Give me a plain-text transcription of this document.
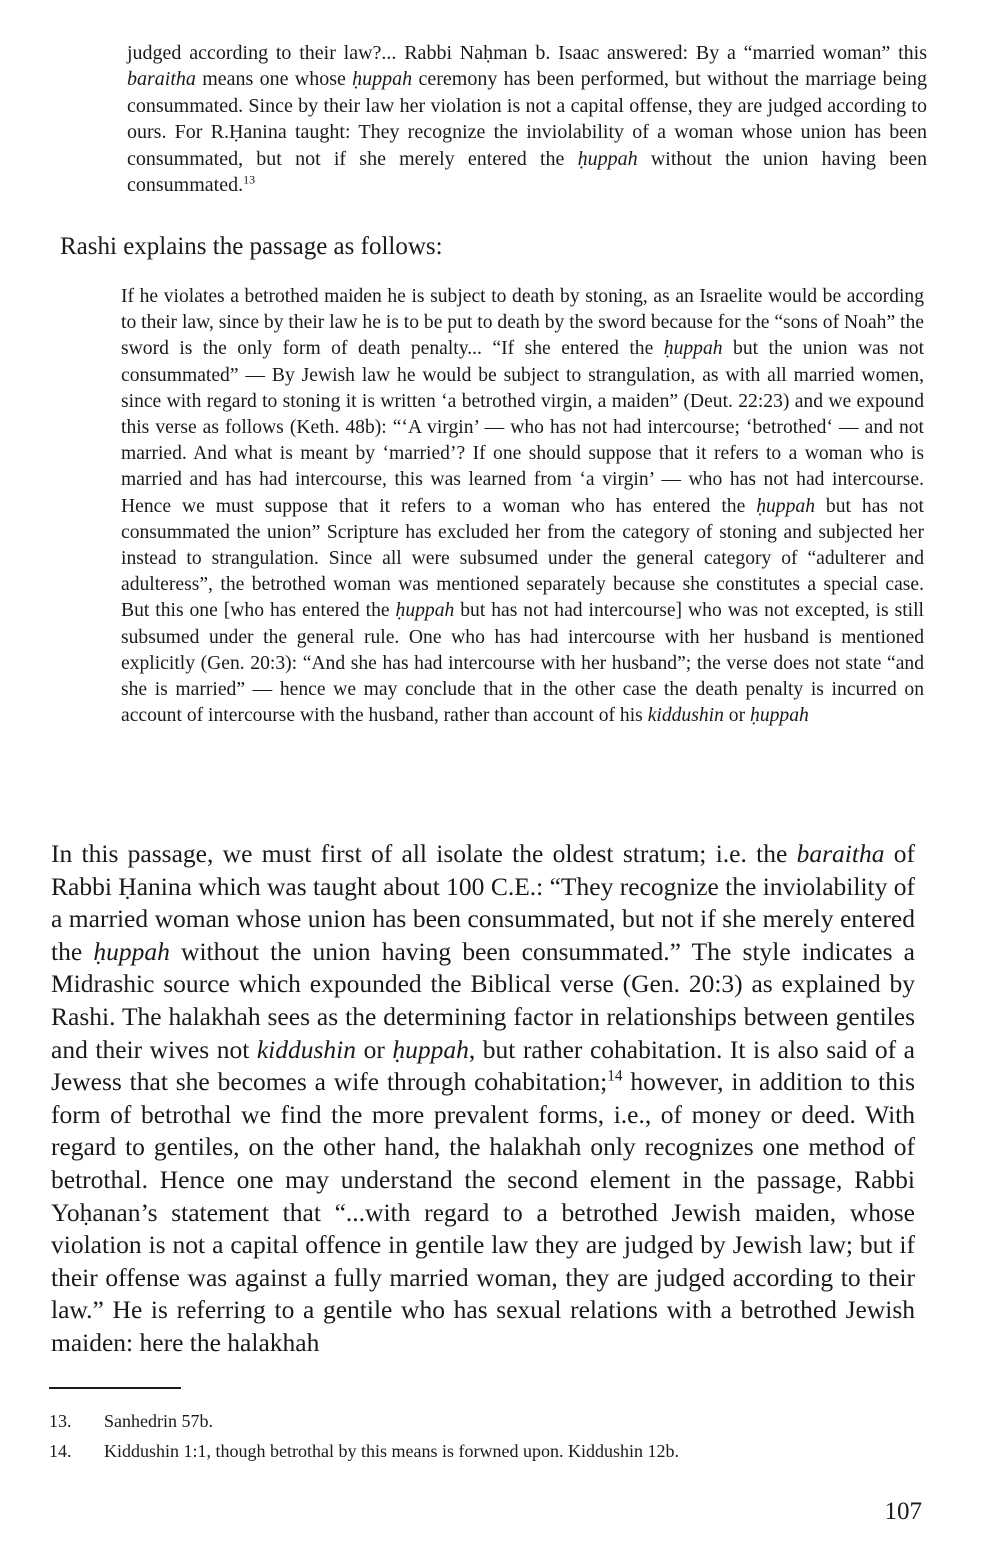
judged according to their law?... Rabbi Naḥman b. Isaac answered: By a “married woman” this baraitha means one whose ḥuppah ceremony has been performed, but without the marriage being consummated. Since by their law her violation is not a capital offense, they are judged according to ours. For R.Ḥanina taught: They recognize the inviolability of a woman whose union has been consummated, but not if she merely entered the ḥuppah without the union having been consummated.$^{13}$
Rashi explains the passage as follows:
If he violates a betrothed maiden he is subject to death by stoning, as an Israelite would be according to their law, since by their law he is to be put to death by the sword because for the “sons of Noah” the sword is the only form of death penalty... “If she entered the ḥuppah but the union was not consummated” — By Jewish law he would be subject to strangulation, as with all married women, since with regard to stoning it is written ‘a betrothed virgin, a maiden” (Deut. 22:23) and we expound this verse as follows (Keth. 48b): “‘A virgin’ — who has not had intercourse; ‘betrothed‘ — and not married. And what is meant by ‘married’? If one should suppose that it refers to a woman who is married and has had intercourse, this was learned from ‘a virgin’ — who has not had intercourse. Hence we must suppose that it refers to a woman who has entered the ḥuppah but has not consummated the union” Scripture has excluded her from the category of stoning and subjected her instead to strangulation. Since all were subsumed under the general category of “adulterer and adulteress”, the betrothed woman was mentioned separately because she constitutes a special case. But this one [who has entered the ḥuppah but has not had intercourse] who was not excepted, is still subsumed under the general rule. One who has had intercourse with her husband is mentioned explicitly (Gen. 20:3): “And she has had intercourse with her husband”; the verse does not state “and she is married” — hence we may conclude that in the other case the death penalty is incurred on account of intercourse with the husband, rather than account of his kiddushin or ḥuppah
In this passage, we must first of all isolate the oldest stratum; i.e. the baraitha of Rabbi Ḥanina which was taught about 100 C.E.: “They recognize the inviolability of a married woman whose union has been consummated, but not if she merely entered the ḥuppah without the union having been consummated.” The style indicates a Midrashic source which expounded the Biblical verse (Gen. 20:3) as explained by Rashi. The halakhah sees as the determining factor in relationships between gentiles and their wives not kiddushin or ḥuppah, but rather cohabitation. It is also said of a Jewess that she becomes a wife through cohabitation;$^{14}$ however, in addition to this form of betrothal we find the more prevalent forms, i.e., of money or deed. With regard to gentiles, on the other hand, the halakhah only recognizes one method of betrothal. Hence one may understand the second element in the passage, Rabbi Yoḥanan’s statement that “...with regard to a betrothed Jewish maiden, whose violation is not a capital offence in gentile law they are judged by Jewish law; but if their offense was against a fully married woman, they are judged according to their law.” He is referring to a gentile who has sexual relations with a betrothed Jewish maiden: here the halakhah
13.	Sanhedrin 57b.
14.	Kiddushin 1:1, though betrothal by this means is forwned upon. Kiddushin 12b.
107
